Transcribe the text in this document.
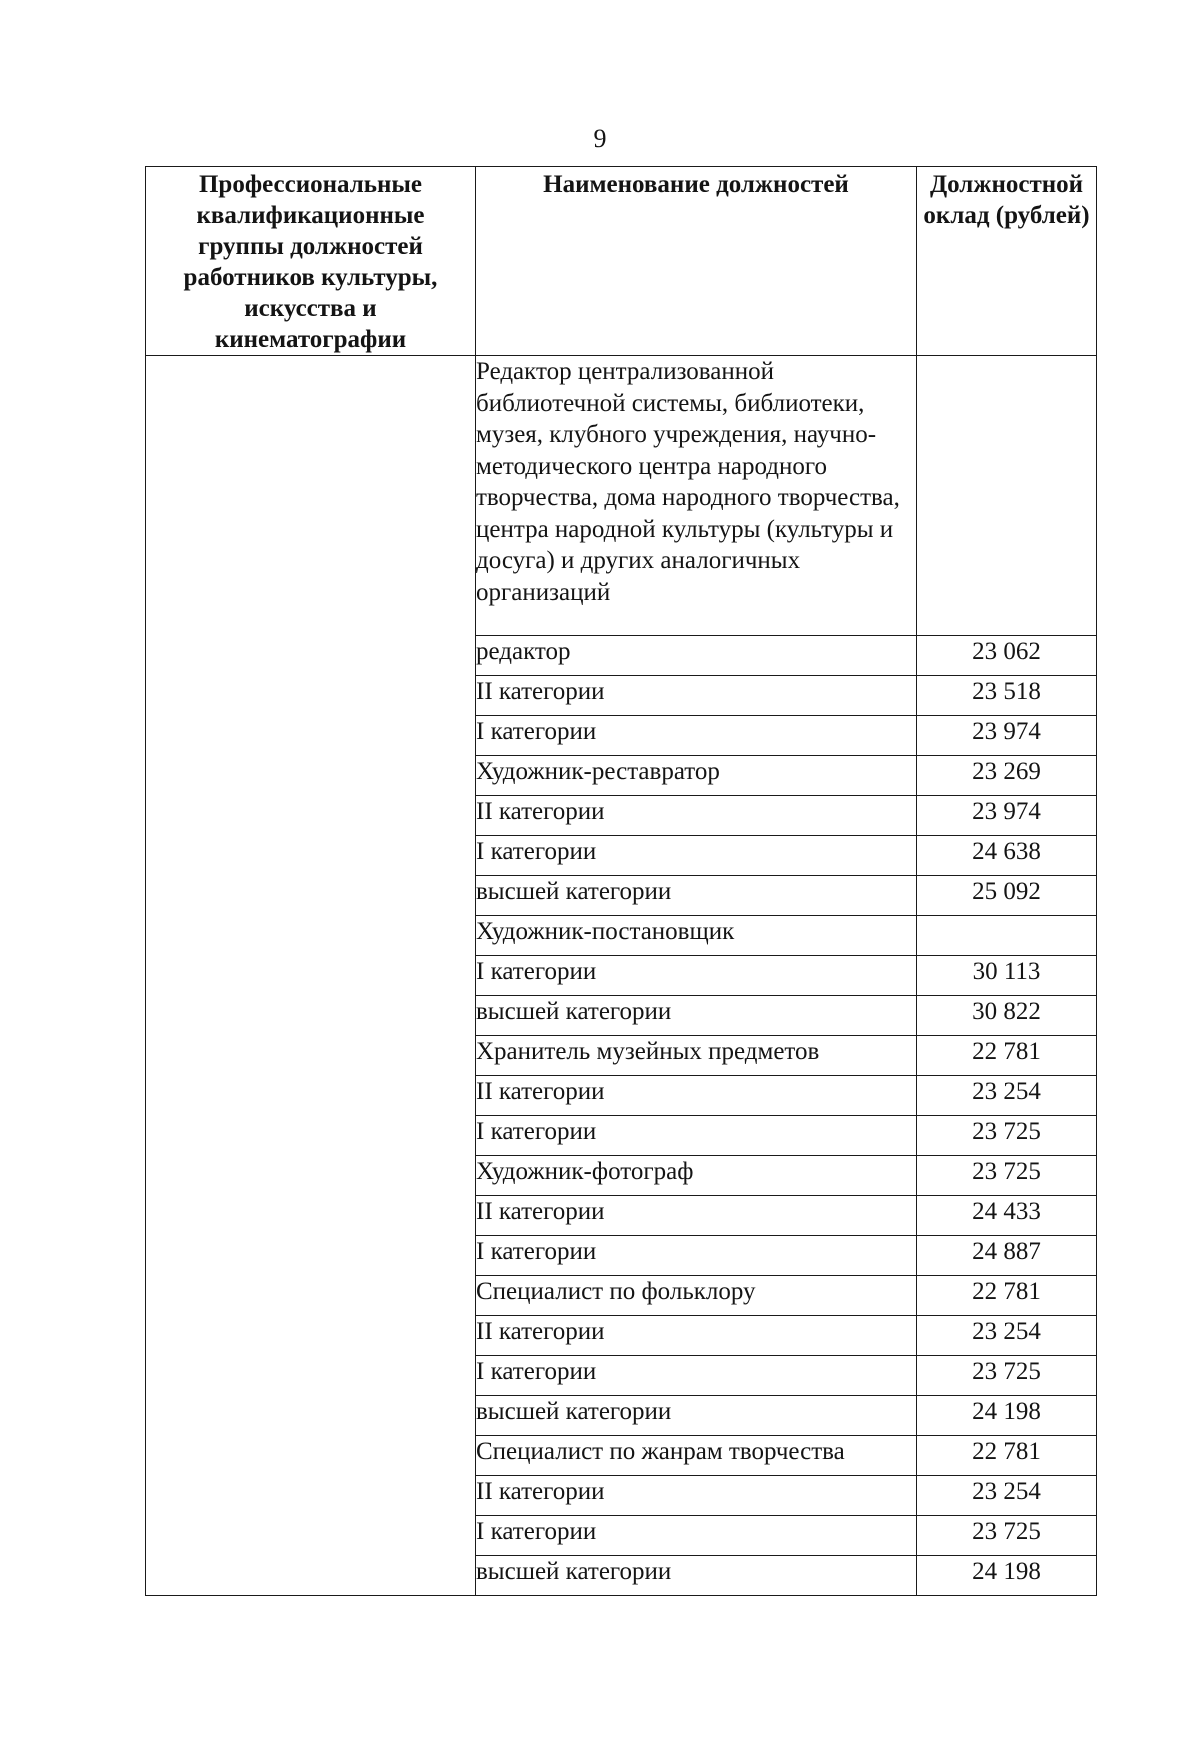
9
Профессиональные квалификационные группы должностей работников культуры, искусства и кинематографии	Наименование должностей	Должностной оклад (рублей)

	Редактор централизованной библиотечной системы, библиотеки, музея, клубного учреждения, научно-методического центра народного творчества, дома народного творчества, центра народной культуры (культуры и досуга) и других аналогичных организаций	
	редактор	23 062
	II категории	23 518
	I категории	23 974
	Художник-реставратор	23 269
	II категории	23 974
	I категории	24 638
	высшей категории	25 092
	Художник-постановщик	
	I категории	30 113
	высшей категории	30 822
	Хранитель музейных предметов	22 781
	II категории	23 254
	I категории	23 725
	Художник-фотограф	23 725
	II категории	24 433
	I категории	24 887
	Специалист по фольклору	22 781
	II категории	23 254
	I категории	23 725
	высшей категории	24 198
	Специалист по жанрам творчества	22 781
	II категории	23 254
	I категории	23 725
	высшей категории	24 198
